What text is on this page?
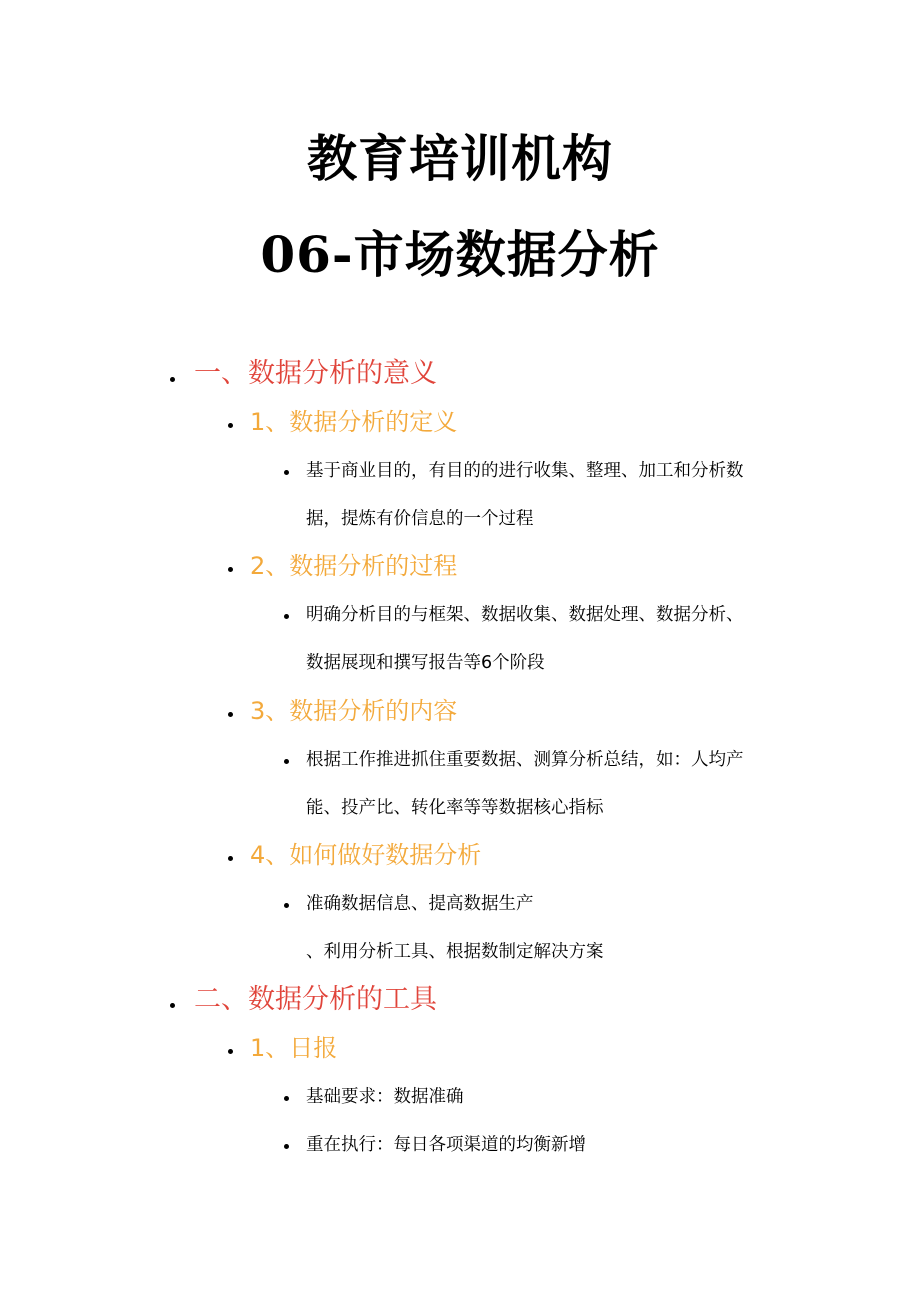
教育培训机构
06-市场数据分析
一、数据分析的意义
1、数据分析的定义
基于商业目的，有目的的进行收集、整理、加工和分析数
据，提炼有价信息的一个过程
2、数据分析的过程
明确分析目的与框架、数据收集、数据处理、数据分析、
数据展现和撰写报告等6个阶段
3、数据分析的内容
根据工作推进抓住重要数据、测算分析总结，如：人均产
能、投产比、转化率等等数据核心指标
4、如何做好数据分析
准确数据信息、提高数据生产
、利用分析工具、根据数制定解决方案
二、数据分析的工具
1、日报
基础要求：数据准确
重在执行：每日各项渠道的均衡新增
